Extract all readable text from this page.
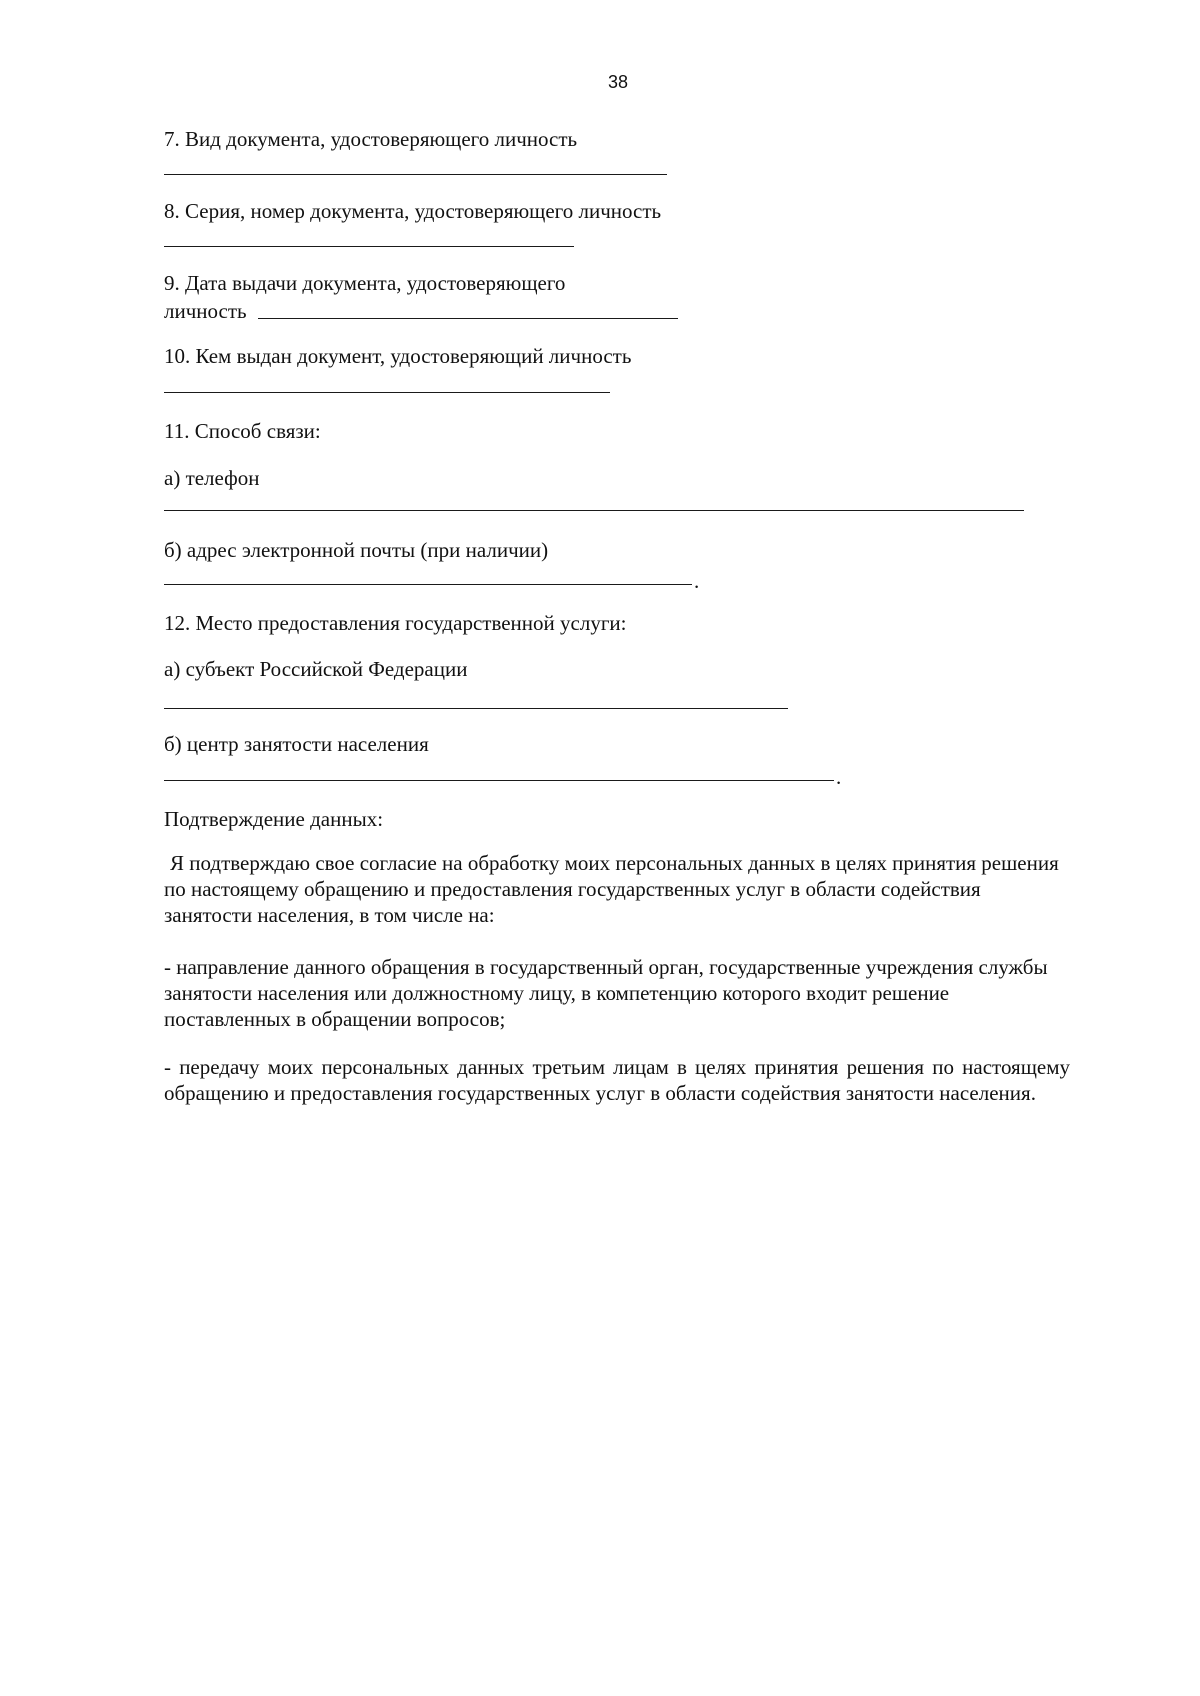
38
7. Вид документа, удостоверяющего личность
8. Серия, номер документа, удостоверяющего личность
9. Дата выдачи документа, удостоверяющего
личность
10. Кем выдан документ, удостоверяющий личность
11. Способ связи:
а) телефон
б) адрес электронной почты (при наличии)
.
12. Место предоставления государственной услуги:
а) субъект Российской Федерации
б) центр занятости населения
.
Подтверждение данных:
Я подтверждаю свое согласие на обработку моих персональных данных в целях принятия решения по настоящему обращению и предоставления государственных услуг в области содействия занятости населения, в том числе на:
- направление данного обращения в государственный орган, государственные учреждения службы занятости населения или должностному лицу, в компетенцию которого входит решение поставленных в обращении вопросов;
- передачу моих персональных данных третьим лицам в целях принятия решения по настоящему обращению и предоставления государственных услуг в области содействия занятости населения.
